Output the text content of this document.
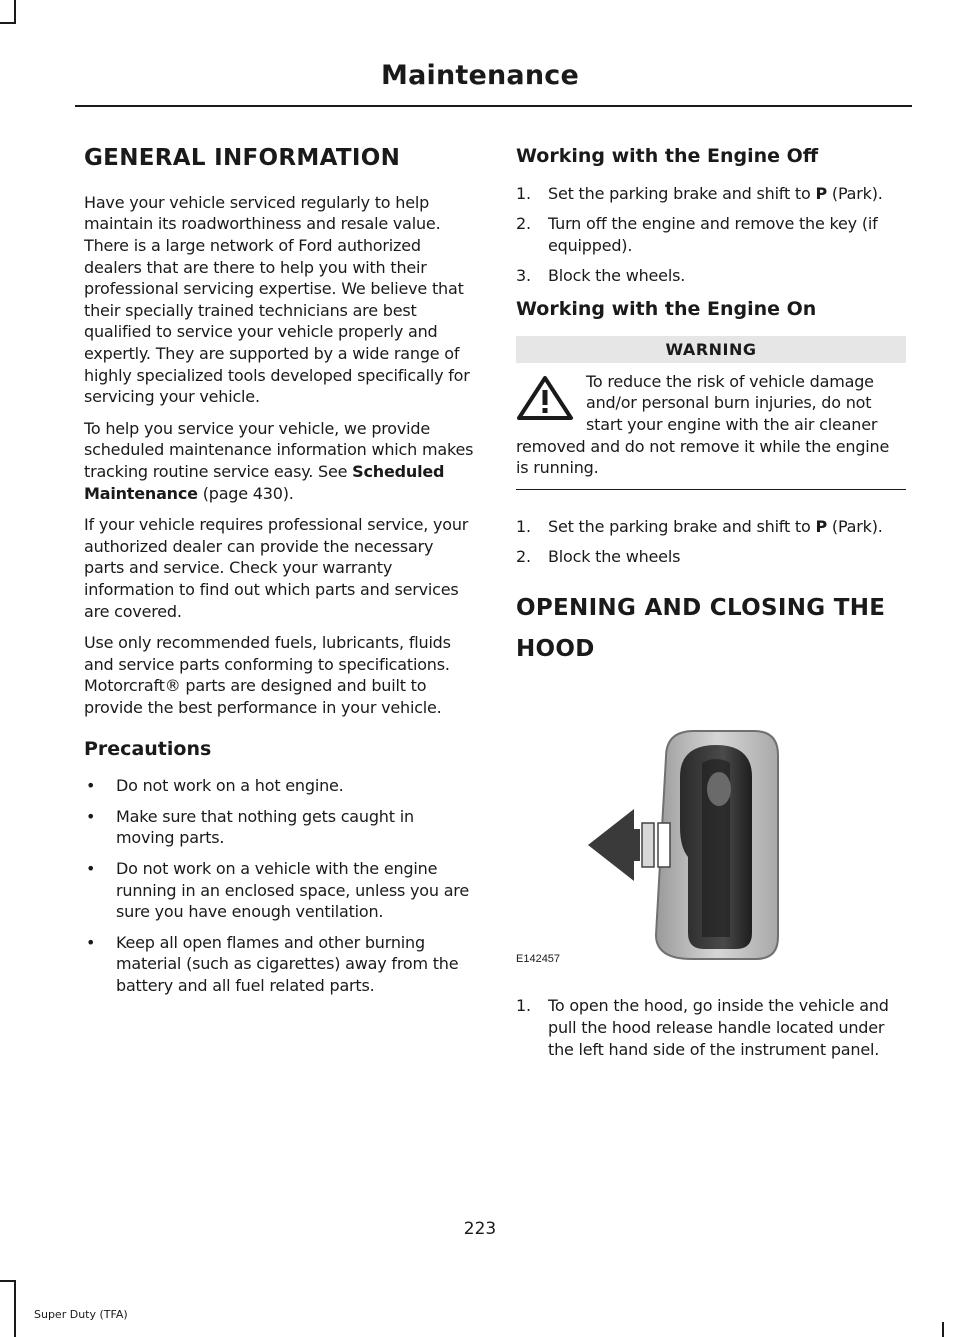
Maintenance
GENERAL INFORMATION

Have your vehicle serviced regularly to help maintain its roadworthiness and resale value. There is a large network of Ford authorized dealers that are there to help you with their professional servicing expertise. We believe that their specially trained technicians are best qualified to service your vehicle properly and expertly. They are supported by a wide range of highly specialized tools developed specifically for servicing your vehicle.

To help you service your vehicle, we provide scheduled maintenance information which makes tracking routine service easy. See Scheduled Maintenance (page 430).

If your vehicle requires professional service, your authorized dealer can provide the necessary parts and service. Check your warranty information to find out which parts and services are covered.

Use only recommended fuels, lubricants, fluids and service parts conforming to specifications. Motorcraft® parts are designed and built to provide the best performance in your vehicle.

Precautions
• Do not work on a hot engine.
• Make sure that nothing gets caught in moving parts.
• Do not work on a vehicle with the engine running in an enclosed space, unless you are sure you have enough ventilation.
• Keep all open flames and other burning material (such as cigarettes) away from the battery and all fuel related parts.
Working with the Engine Off
1. Set the parking brake and shift to P (Park).
2. Turn off the engine and remove the key (if equipped).
3. Block the wheels.
Working with the Engine On
WARNING
To reduce the risk of vehicle damage and/or personal burn injuries, do not start your engine with the air cleaner removed and do not remove it while the engine is running.
1. Set the parking brake and shift to P (Park).
2. Block the wheels
OPENING AND CLOSING THE
HOOD
E142457
1. To open the hood, go inside the vehicle and pull the hood release handle located under the left hand side of the instrument panel.
223
Super Duty (TFA)
